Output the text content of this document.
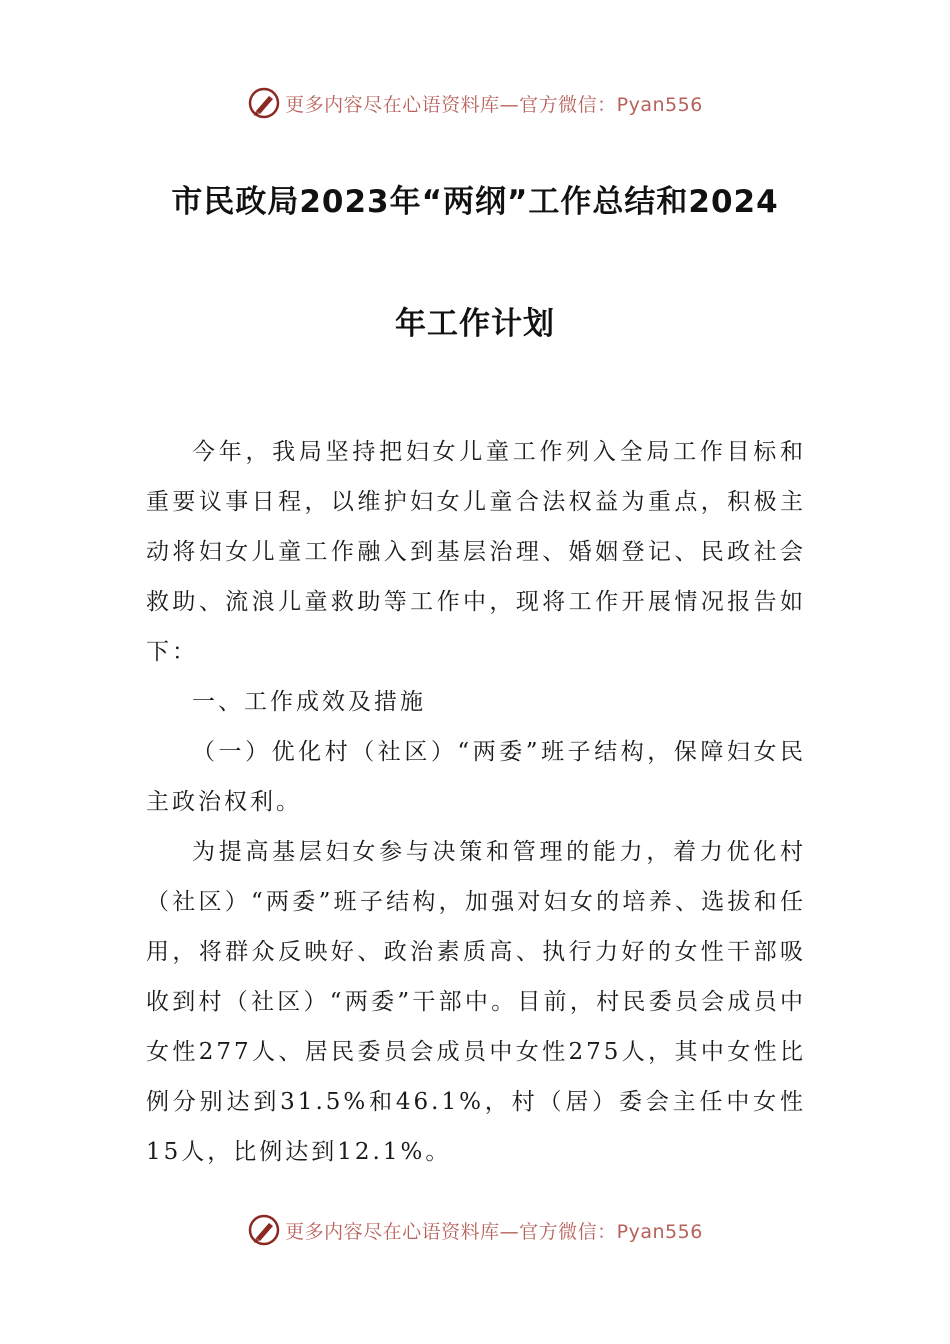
更多内容尽在心语资料库—官方微信：Pyan556
市民政局2023年“两纲”工作总结和2024
年工作计划

今年，我局坚持把妇女儿童工作列入全局工作目标和重要议事日程，以维护妇女儿童合法权益为重点，积极主动将妇女儿童工作融入到基层治理、婚姻登记、民政社会救助、流浪儿童救助等工作中，现将工作开展情况报告如下：

一、工作成效及措施

（一）优化村（社区）“两委”班子结构，保障妇女民主政治权利。

为提高基层妇女参与决策和管理的能力，着力优化村（社区）“两委”班子结构，加强对妇女的培养、选拔和任用，将群众反映好、政治素质高、执行力好的女性干部吸收到村（社区）“两委”干部中。目前，村民委员会成员中女性277人、居民委员会成员中女性275人，其中女性比例分别达到31.5%和46.1%，村（居）委会主任中女性15人，比例达到12.1%。

更多内容尽在心语资料库—官方微信：Pyan556
